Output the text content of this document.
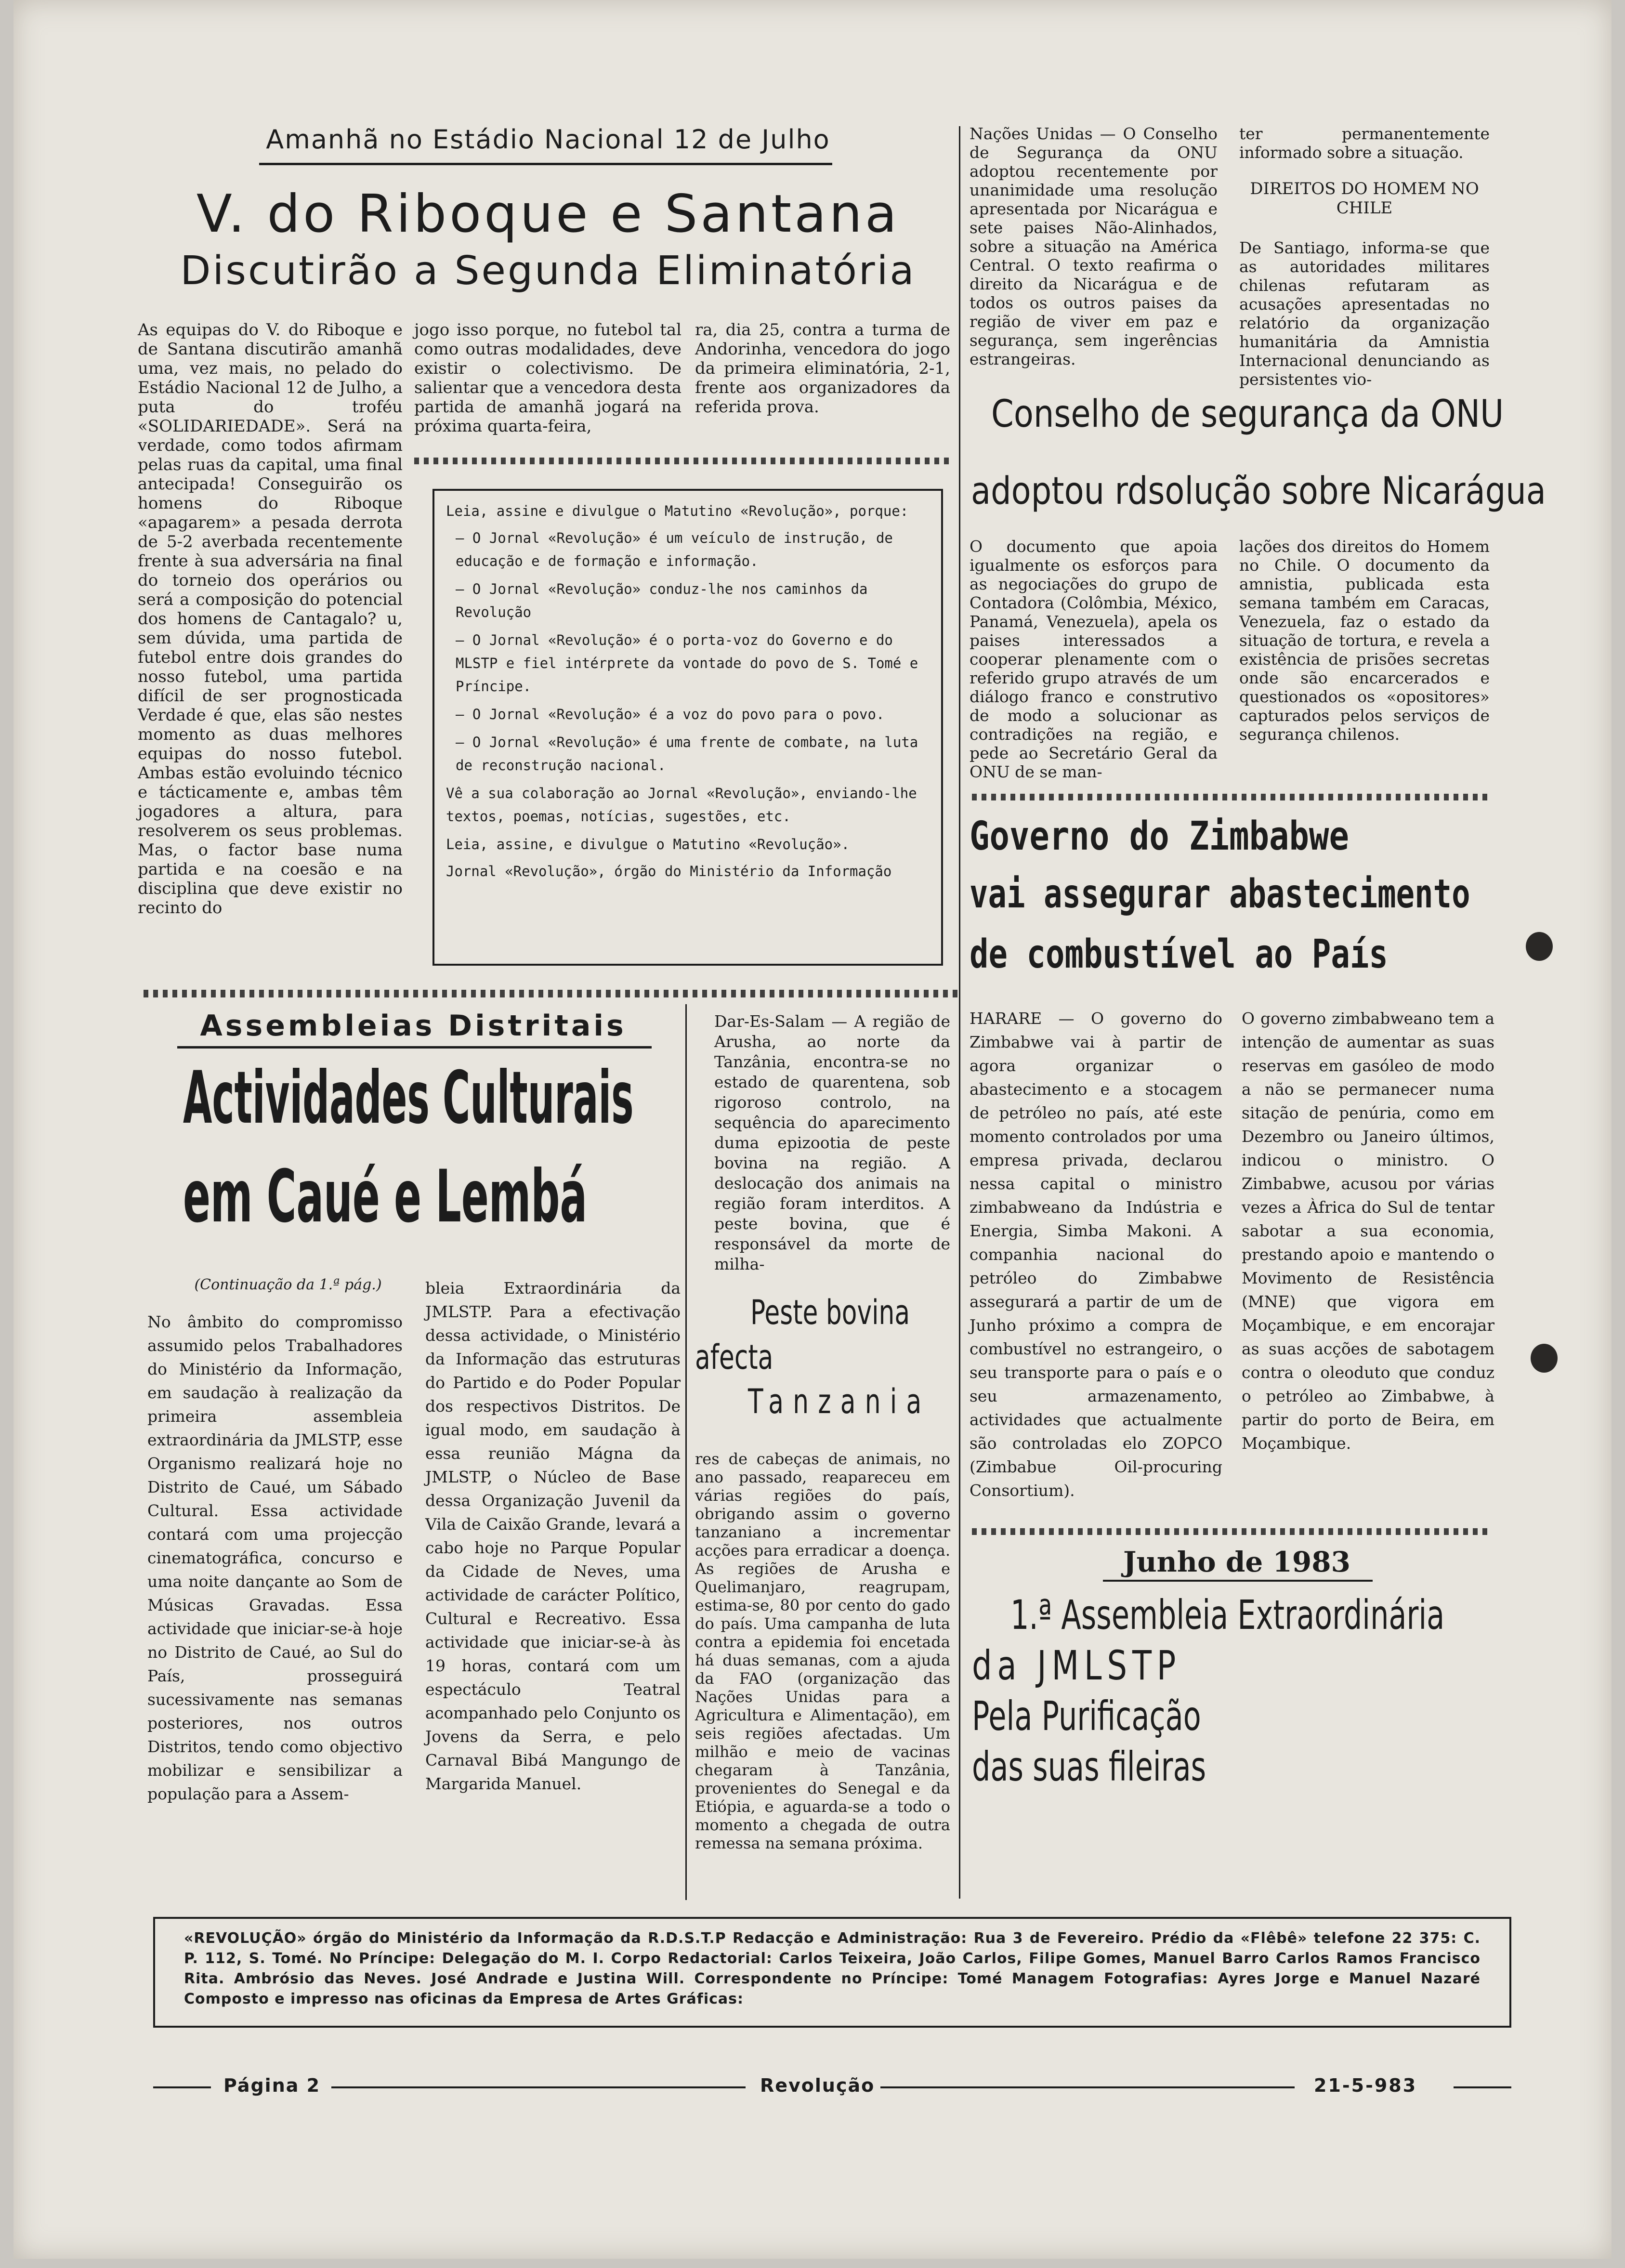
Amanhã no Estádio Nacional 12 de Julho
V. do Riboque e Santana
Discutirão a Segunda Eliminatória
As equipas do V. do Riboque e de Santana discutirão amanhã uma, vez mais, no pelado do Estádio Nacional 12 de Julho, a puta do troféu «SOLIDARIEDADE». Será na verdade, como todos afirmam pelas ruas da capital, uma final antecipada! Conseguirão os homens do Riboque «apagarem» a pesada derrota de 5-2 averbada recentemente frente à sua adversária na final do torneio dos operários ou será a composição do potencial dos homens de Cantagalo? u, sem dúvida, uma partida de futebol entre dois grandes do nosso futebol, uma partida difícil de ser prognosticada Verdade é que, elas são nestes momento as duas melhores equipas do nosso futebol. Ambas estão evoluindo técnico e tácticamente e, ambas têm jogadores a altura, para resolverem os seus problemas. Mas, o factor base numa partida e na coesão e na disciplina que deve existir no recinto do
jogo isso porque, no futebol tal como outras modalidades, deve existir o colectivismo. De salientar que a vencedora desta partida de amanhã jogará na próxima quarta-feira,
ra, dia 25, contra a turma de Andorinha, vencedora do jogo da primeira eliminatória, 2-1, frente aos organizadores da referida prova.
Leia, assine e divulgue o Matutino «Revolução», porque:
— O Jornal «Revolução» é um veículo de instrução, de educação e de formação e informação.
— O Jornal «Revolução» conduz-lhe nos caminhos da Revolução
— O Jornal «Revolução» é o porta-voz do Governo e do MLSTP e fiel intérprete da vontade do povo de S. Tomé e Príncipe.
— O Jornal «Revolução» é a voz do povo para o povo.
— O Jornal «Revolução» é uma frente de combate, na luta de reconstrução nacional.
Vê a sua colaboração ao Jornal «Revolução», enviando-lhe textos, poemas, notícias, sugestões, etc.
Leia, assine, e divulgue o Matutino «Revolução».
Jornal «Revolução», órgão do Ministério da Informação
Nações Unidas — O Conselho de Segurança da ONU adoptou recentemente por unanimidade uma resolução apresentada por Nicarágua e sete paises Não-Alinhados, sobre a situação na América Central. O texto reafirma o direito da Nicarágua e de todos os outros paises da região de viver em paz e segurança, sem ingerências estrangeiras.
ter permanentemente informado sobre a situação.
DIREITOS DO HOMEM NO CHILE
De Santiago, informa-se que as autoridades militares chilenas refutaram as acusações apresentadas no relatório da organização humanitária da Amnistia Internacional denunciando as persistentes vio-
Conselho de segurança da ONU
adoptou rdsolução sobre Nicarágua
O documento que apoia igualmente os esforços para as negociações do grupo de Contadora (Colômbia, México, Panamá, Venezuela), apela os paises interessados a cooperar plenamente com o referido grupo através de um diálogo franco e construtivo de modo a solucionar as contradições na região, e pede ao Secretário Geral da ONU de se man-
lações dos direitos do Homem no Chile. O documento da amnistia, publicada esta semana também em Caracas, Venezuela, faz o estado da situação de tortura, e revela a existência de prisões secretas onde são encarcerados e questionados os «opositores» capturados pelos serviços de segurança chilenos.
Governo do Zimbabwe
vai assegurar abastecimento
de combustível ao País
HARARE — O governo do Zimbabwe vai à partir de agora organizar o abastecimento e a stocagem de petróleo no país, até este momento controlados por uma empresa privada, declarou nessa capital o ministro zimbabweano da Indústria e Energia, Simba Makoni. A companhia nacional do petróleo do Zimbabwe assegurará a partir de um de Junho próximo a compra de combustível no estrangeiro, o seu transporte para o país e o seu armazenamento, actividades que actualmente são controladas elo ZOPCO (Zimbabue Oil-procuring Consortium).
O governo zimbabweano tem a intenção de aumentar as suas reservas em gasóleo de modo a não se permanecer numa sitação de penúria, como em Dezembro ou Janeiro últimos, indicou o ministro. O Zimbabwe, acusou por várias vezes a Àfrica do Sul de tentar sabotar a sua economia, prestando apoio e mantendo o Movimento de Resistência (MNE) que vigora em Moçambique, e em encorajar as suas acções de sabotagem contra o oleoduto que conduz o petróleo ao Zimbabwe, à partir do porto de Beira, em Moçambique.
Junho de 1983
1.ª Assembleia Extraordinária
da JMLSTP
Pela Purificação
das suas fileiras
Assembleias Distritais
Actividades Culturais
em Caué e Lembá
(Continuação da 1.ª pág.)
No âmbito do compromisso assumido pelos Trabalhadores do Ministério da Informação, em saudação à realização da primeira assembleia extraordinária da JMLSTP, esse Organismo realizará hoje no Distrito de Caué, um Sábado Cultural. Essa actividade contará com uma projecção cinematográfica, concurso e uma noite dançante ao Som de Músicas Gravadas. Essa actividade que iniciar-se-à hoje no Distrito de Caué, ao Sul do País, prosseguirá sucessivamente nas semanas posteriores, nos outros Distritos, tendo como objectivo mobilizar e sensibilizar a população para a Assem-
bleia Extraordinária da JMLSTP. Para a efectivação dessa actividade, o Ministério da Informação das estruturas do Partido e do Poder Popular dos respectivos Distritos. De igual modo, em saudação à essa reunião Mágna da JMLSTP, o Núcleo de Base dessa Organização Juvenil da Vila de Caixão Grande, levará a cabo hoje no Parque Popular da Cidade de Neves, uma actividade de carácter Político, Cultural e Recreativo. Essa actividade que iniciar-se-à às 19 horas, contará com um espectáculo Teatral acompanhado pelo Conjunto os Jovens da Serra, e pelo Carnaval Bibá Mangungo de Margarida Manuel.
Dar-Es-Salam — A região de Arusha, ao norte da Tanzânia, encontra-se no estado de quarentena, sob rigoroso controlo, na sequência do aparecimento duma epizootia de peste bovina na região. A deslocação dos animais na região foram interditos. A peste bovina, que é responsável da morte de milha-
Peste bovina
afecta
Tanzania
res de cabeças de animais, no ano passado, reapareceu em várias regiões do país, obrigando assim o governo tanzaniano a incrementar acções para erradicar a doença. As regiões de Arusha e Quelimanjaro, reagrupam, estima-se, 80 por cento do gado do país. Uma campanha de luta contra a epidemia foi encetada há duas semanas, com a ajuda da FAO (organização das Nações Unidas para a Agricultura e Alimentação), em seis regiões afectadas. Um milhão e meio de vacinas chegaram à Tanzânia, provenientes do Senegal e da Etiópia, e aguarda-se a todo o momento a chegada de outra remessa na semana próxima.
«REVOLUÇÃO» órgão do Ministério da Informação da R.D.S.T.P Redacção e Administração: Rua 3 de Fevereiro. Prédio da «Flêbê» telefone 22 375: C. P. 112, S. Tomé. No Príncipe: Delegação do M. I. Corpo Redactorial: Carlos Teixeira, João Carlos, Filipe Gomes, Manuel Barro Carlos Ramos Francisco Rita. Ambrósio das Neves. José Andrade e Justina Will. Correspondente no Príncipe: Tomé Managem Fotografias: Ayres Jorge e Manuel Nazaré Composto e impresso nas oficinas da Empresa de Artes Gráficas:
Página 2	Revolução	21-5-983
